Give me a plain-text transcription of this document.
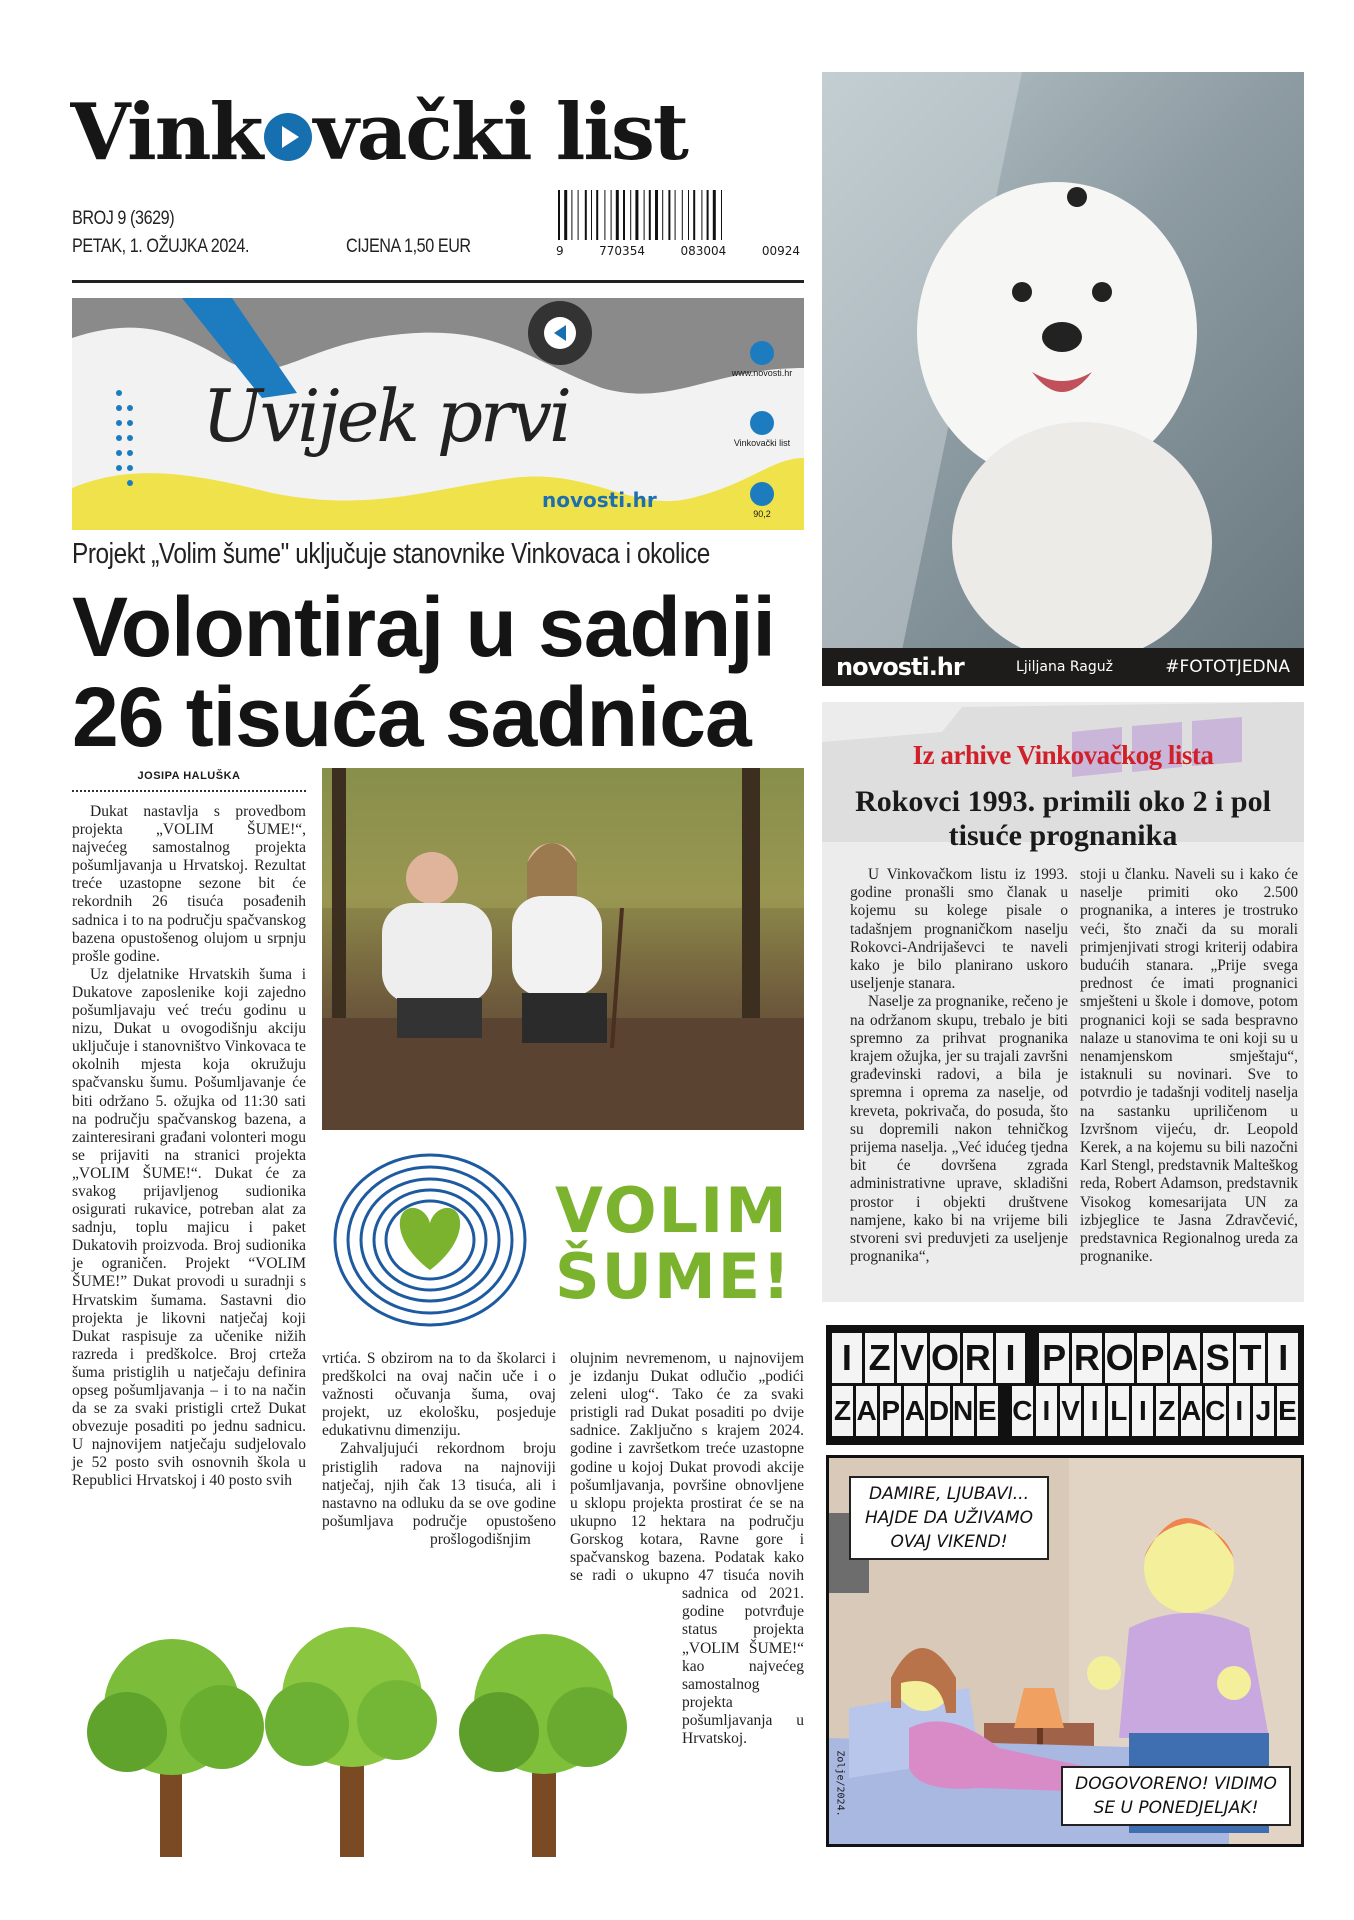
Vink vački list
BROJ 9 (3629)
PETAK, 1. OŽUJKA 2024.	CIJENA 1,50 EUR	9	770354	083004	00924
Uvijek prvi
novosti.hr
www.novosti.hr
Vinkovački list
90,2
Projekt „Volim šume" uključuje stanovnike Vinkovaca i okolice
Volontiraj u sadnji
26 tisuća sadnica
JOSIPA HALUŠKA

Dukat nastavlja s provedbom projekta „VOLIM ŠUME!“, najvećeg samostalnog projekta pošumljavanja u Hrvatskoj. Rezultat treće uzastopne sezone bit će rekordnih 26 tisuća posađenih sadnica i to na području spačvanskog bazena opustošenog olujom u srpnju prošle godine.

Uz djelatnike Hrvatskih šuma i Dukatove zaposlenike koji zajedno pošumljavaju već treću godinu u nizu, Dukat u ovogodišnju akciju uključuje i stanovništvo Vinkovaca te okolnih mjesta koja okružuju spačvansku šumu. Pošumljavanje će biti održano 5. ožujka od 11:30 sati na području spačvanskog bazena, a zainteresirani građani volonteri mogu se prijaviti na stranici projekta „VOLIM ŠUME!“. Dukat će za svakog prijavljenog sudionika osigurati rukavice, potreban alat za sadnju, toplu majicu i paket Dukatovih proizvoda. Broj sudionika je ograničen. Projekt “VOLIM ŠUME!” Dukat provodi u suradnji s Hrvatskim šumama. Sastavni dio projekta je likovni natječaj koji Dukat raspisuje za učenike nižih razreda i predškolce. Broj crteža šuma pristiglih u natječaju definira opseg pošumljavanja – i to na način da se za svaki pristigli crtež Dukat obvezuje posaditi po jednu sadnicu. U najnovijem natječaju sudjelovalo je 52 posto svih osnovnih škola u Republici Hrvatskoj i 40 posto svih

VOLIM
ŠUME!

vrtića. S obzirom na to da školarci i predškolci na ovaj način uče i o važnosti očuvanja šuma, ovaj projekt, uz ekološku, posjeduje edukativnu dimenziju.

Zahvaljujući rekordnom broju pristiglih radova na najnoviji natječaj, njih čak 13 tisuća, ali i nastavno na odluku da se ove godine pošumljava područje opustošeno prošlogodišnjim

olujnim nevremenom, u najnovijem je izdanju Dukat odlučio „podići zeleni ulog“. Tako će za svaki pristigli rad Dukat posaditi po dvije sadnice. Zaključno s krajem 2024. godine i završetkom treće uzastopne godine u kojoj Dukat provodi akcije pošumljavanja, površine obnovljene u sklopu projekta prostirat će se na ukupno 12 hektara na području Gorskog kotara, Ravne gore i spačvanskog bazena. Podatak kako se radi o ukupno 47 tisuća novih sadnica od 2021. godine potvrđuje status projekta „VOLIM ŠUME!“ kao najvećeg samostalnog projekta pošumljavanja u Hrvatskoj.

novosti.hr	Ljiljana Raguž	#FOTOTJEDNA
Iz arhive Vinkovačkog lista
Rokovci 1993. primili oko 2 i pol tisuće prognanika

U Vinkovačkom listu iz 1993. godine pronašli smo članak u kojemu su kolege pisale o tadašnjem prognaničkom naselju Rokovci-Andrijaševci te naveli kako je bilo planirano uskoro useljenje stanara.

Naselje za prognanike, rečeno je na održanom skupu, trebalo je biti spremno za prihvat prognanika krajem ožujka, jer su trajali završni građevinski radovi, a bila je spremna i oprema za naselje, od kreveta, pokrivača, do posuda, što su dopremili nakon tehničkog prijema naselja. „Već idućeg tjedna bit će dovršena zgrada administrativne uprave, skladišni prostor i objekti društvene namjene, kako bi na vrijeme bili stvoreni svi preduvjeti za useljenje prognanika“,

stoji u članku. Naveli su i kako će naselje primiti oko 2.500 prognanika, a interes je trostruko veći, što znači da su morali primjenjivati strogi kriterij odabira budućih stanara. „Prije svega prednost će imati prognanici smješteni u škole i domove, potom prognanici koji se sada bespravno nalaze u stanovima te oni koji su u nenamjenskom smještaju“, istaknuli su novinari. Sve to potvrdio je tadašnji voditelj naselja na sastanku upriličenom u Izvršnom vijeću, dr. Leopold Kerek, a na kojemu su bili nazočni Karl Stengl, predstavnik Malteškog reda, Robert Adamson, predstavnik Visokog komesarijata UN za izbjeglice te Jasna Zdravčević, predstavnica Regionalnog ureda za prognanike.

I Z V O R I P R O P A S T I
Z A P A D N E C I V I L I Z A C I J E
DAMIRE, LJUBAVI... HAJDE DA UŽIVAMO OVAJ VIKEND!
DOGOVORENO! VIDIMO SE U PONEDJELJAK!
Zolje/2024.
